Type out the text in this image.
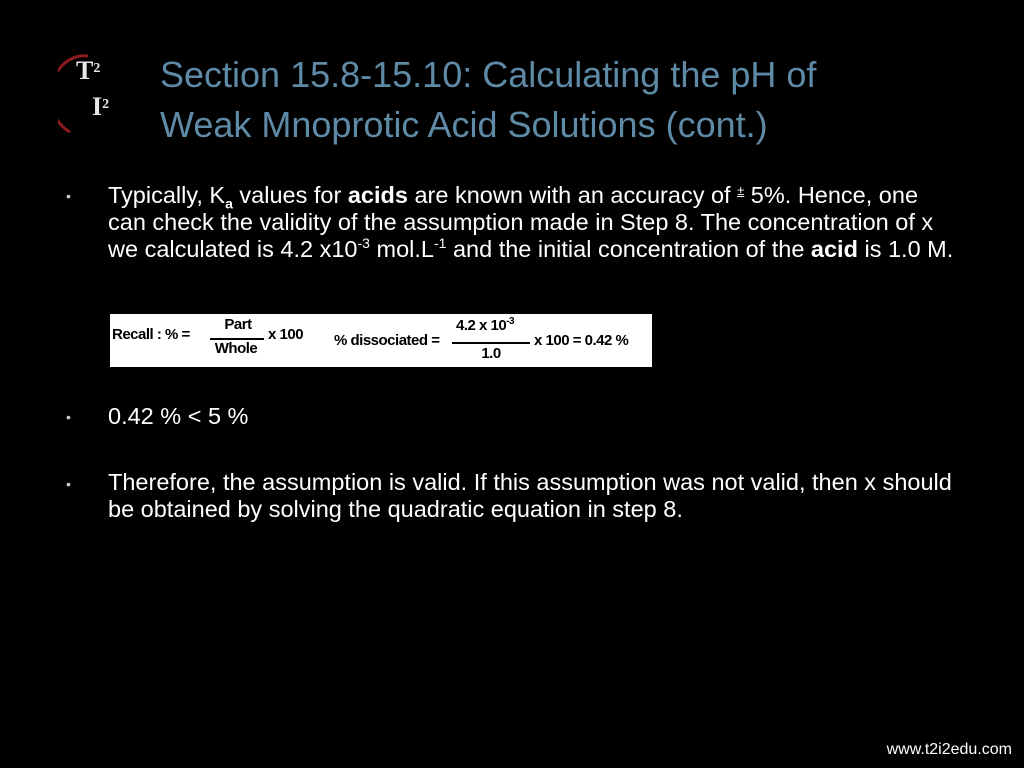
$T^2$
$I^2$
Section 15.8-15.10: Calculating the pH of
Weak Mnoprotic Acid Solutions (cont.)
• Typically, $K_a$ values for acids are known with an accuracy of ± 5%. Hence, one can check the validity of the assumption made in Step 8. The concentration of x we calculated is 4.2 $x10^{-3}$ $mol.L^{-1}$ and the initial concentration of the acid is 1.0 M.
Recall : % =
Part
Whole
x 100 % dissociated =
4.2 x $10^{-3}$
1.0
x 100 = 0.42 %
• 0.42 % < 5 %
• Therefore, the assumption is valid. If this assumption was not valid, then x should be obtained by solving the quadratic equation in step 8.
www.t2i2edu.com
